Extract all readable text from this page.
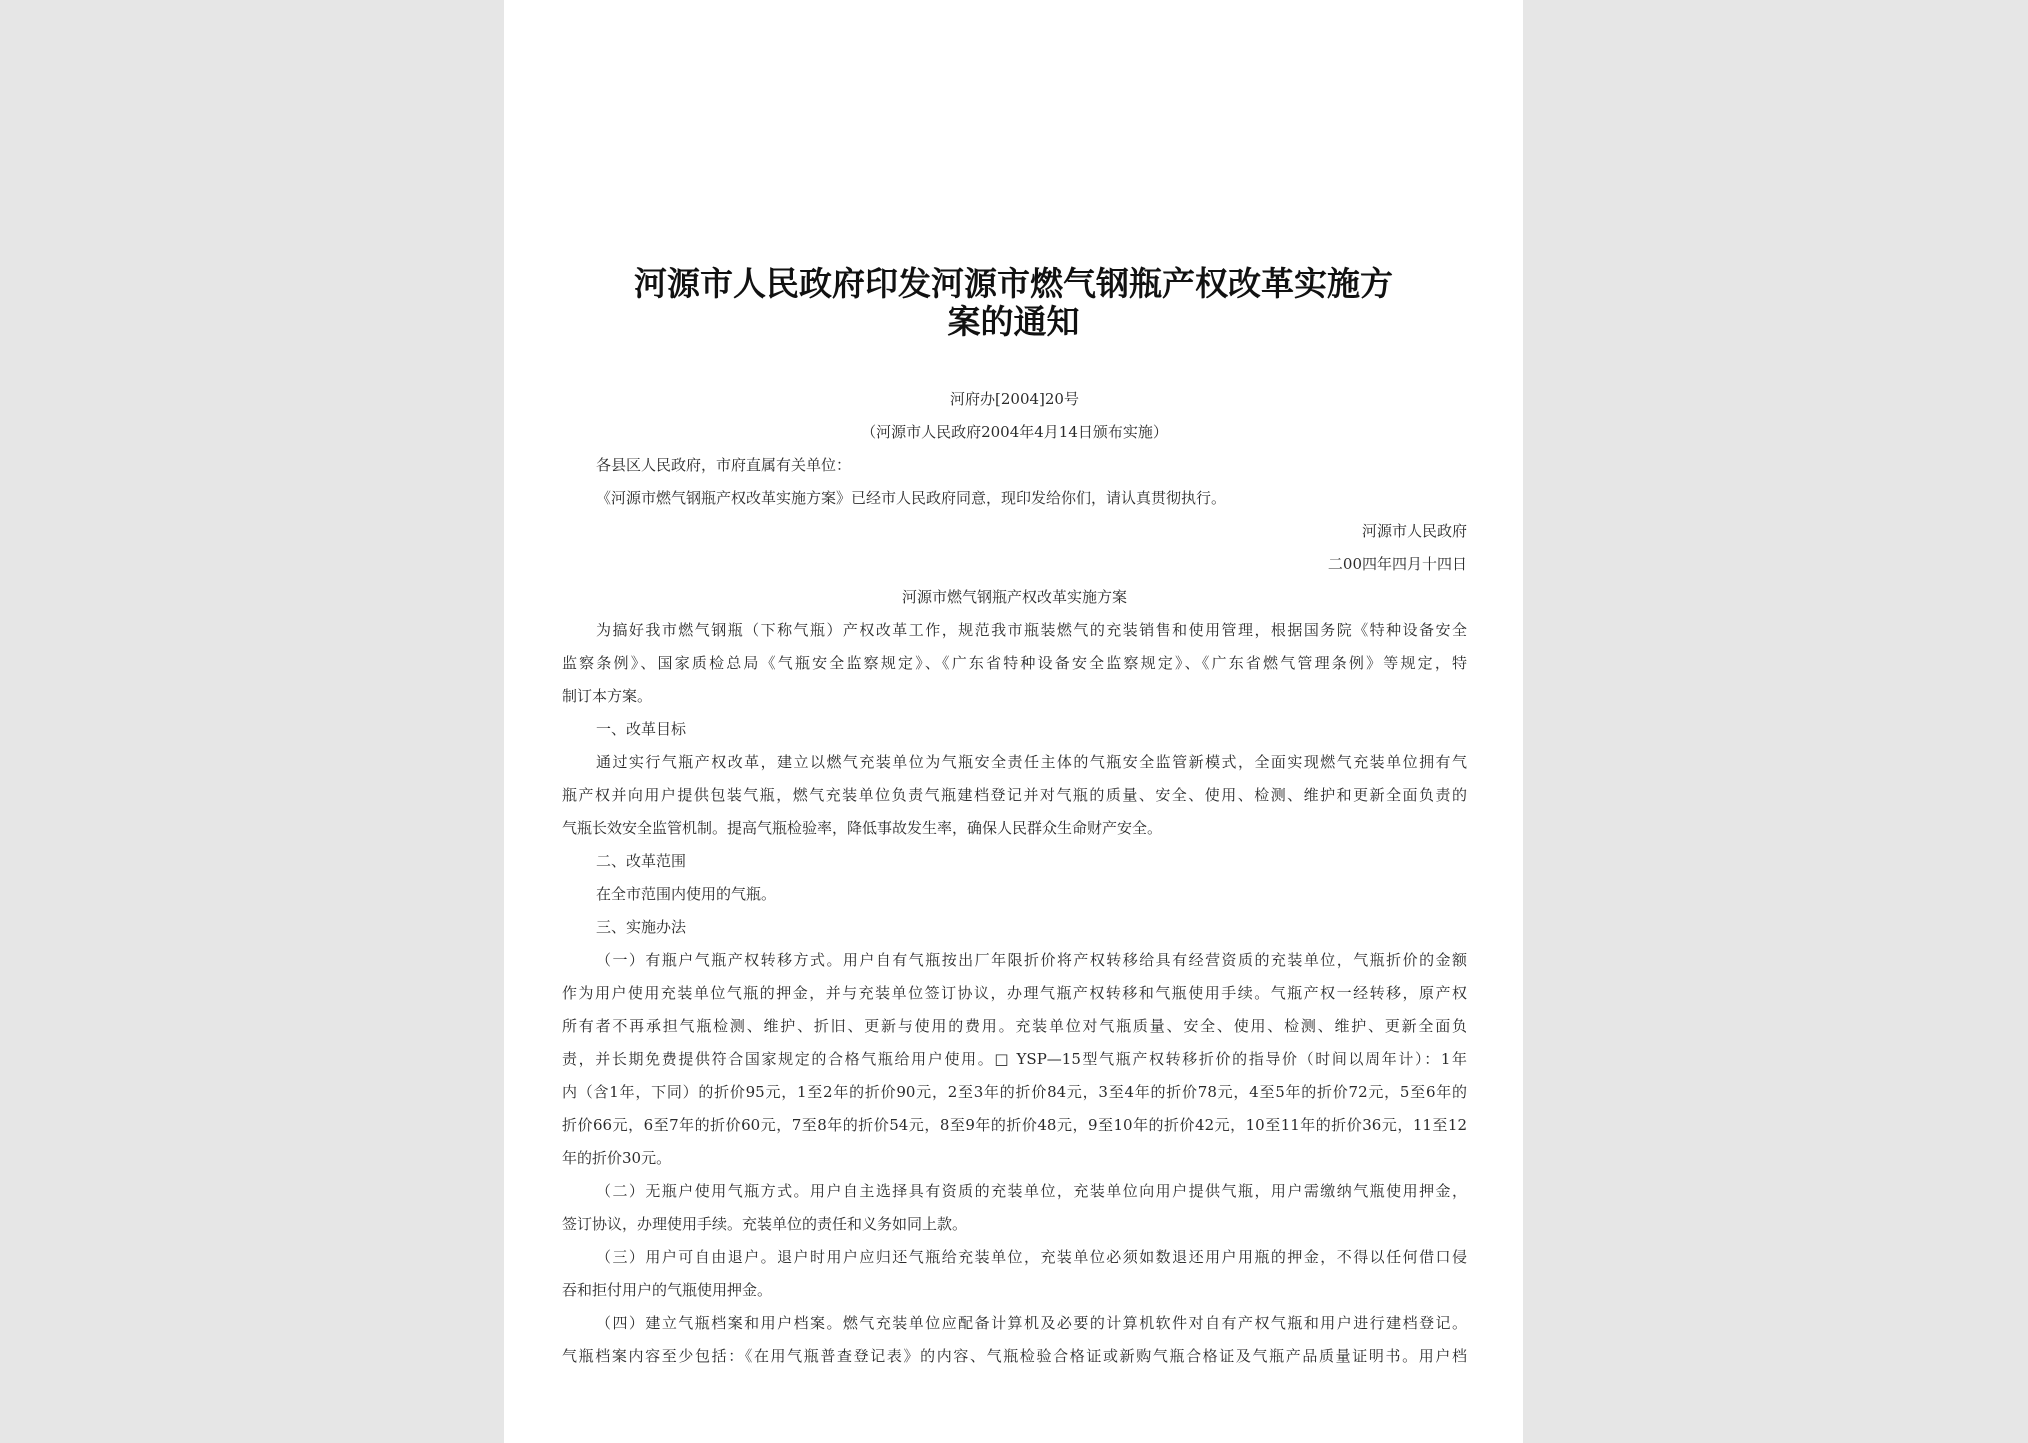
河源市人民政府印发河源市燃气钢瓶产权改革实施方
案的通知
河府办[2004]20号
（河源市人民政府2004年4月14日颁布实施）
各县区人民政府，市府直属有关单位：
《河源市燃气钢瓶产权改革实施方案》已经市人民政府同意，现印发给你们，请认真贯彻执行。
河源市人民政府
二00四年四月十四日
河源市燃气钢瓶产权改革实施方案
为搞好我市燃气钢瓶（下称气瓶）产权改革工作，规范我市瓶装燃气的充装销售和使用管理，根据国务院《特种设备安全
监察条例》、国家质检总局《气瓶安全监察规定》、《广东省特种设备安全监察规定》、《广东省燃气管理条例》等规定，特
制订本方案。
一、改革目标
通过实行气瓶产权改革，建立以燃气充装单位为气瓶安全责任主体的气瓶安全监管新模式，全面实现燃气充装单位拥有气
瓶产权并向用户提供包装气瓶，燃气充装单位负责气瓶建档登记并对气瓶的质量、安全、使用、检测、维护和更新全面负责的
气瓶长效安全监管机制。提高气瓶检验率，降低事故发生率，确保人民群众生命财产安全。
二、改革范围
在全市范围内使用的气瓶。
三、实施办法
（一）有瓶户气瓶产权转移方式。用户自有气瓶按出厂年限折价将产权转移给具有经营资质的充装单位，气瓶折价的金额
作为用户使用充装单位气瓶的押金，并与充装单位签订协议，办理气瓶产权转移和气瓶使用手续。气瓶产权一经转移，原产权
所有者不再承担气瓶检测、维护、折旧、更新与使用的费用。充装单位对气瓶质量、安全、使用、检测、维护、更新全面负
责，并长期免费提供符合国家规定的合格气瓶给用户使用。□ YSP—15型气瓶产权转移折价的指导价（时间以周年计）：1年
内（含1年，下同）的折价95元，1至2年的折价90元，2至3年的折价84元，3至4年的折价78元，4至5年的折价72元，5至6年的
折价66元，6至7年的折价60元，7至8年的折价54元，8至9年的折价48元，9至10年的折价42元，10至11年的折价36元，11至12
年的折价30元。
（二）无瓶户使用气瓶方式。用户自主选择具有资质的充装单位，充装单位向用户提供气瓶，用户需缴纳气瓶使用押金，
签订协议，办理使用手续。充装单位的责任和义务如同上款。
（三）用户可自由退户。退户时用户应归还气瓶给充装单位，充装单位必须如数退还用户用瓶的押金，不得以任何借口侵
吞和拒付用户的气瓶使用押金。
（四）建立气瓶档案和用户档案。燃气充装单位应配备计算机及必要的计算机软件对自有产权气瓶和用户进行建档登记。
气瓶档案内容至少包括：《在用气瓶普查登记表》的内容、气瓶检验合格证或新购气瓶合格证及气瓶产品质量证明书。用户档
